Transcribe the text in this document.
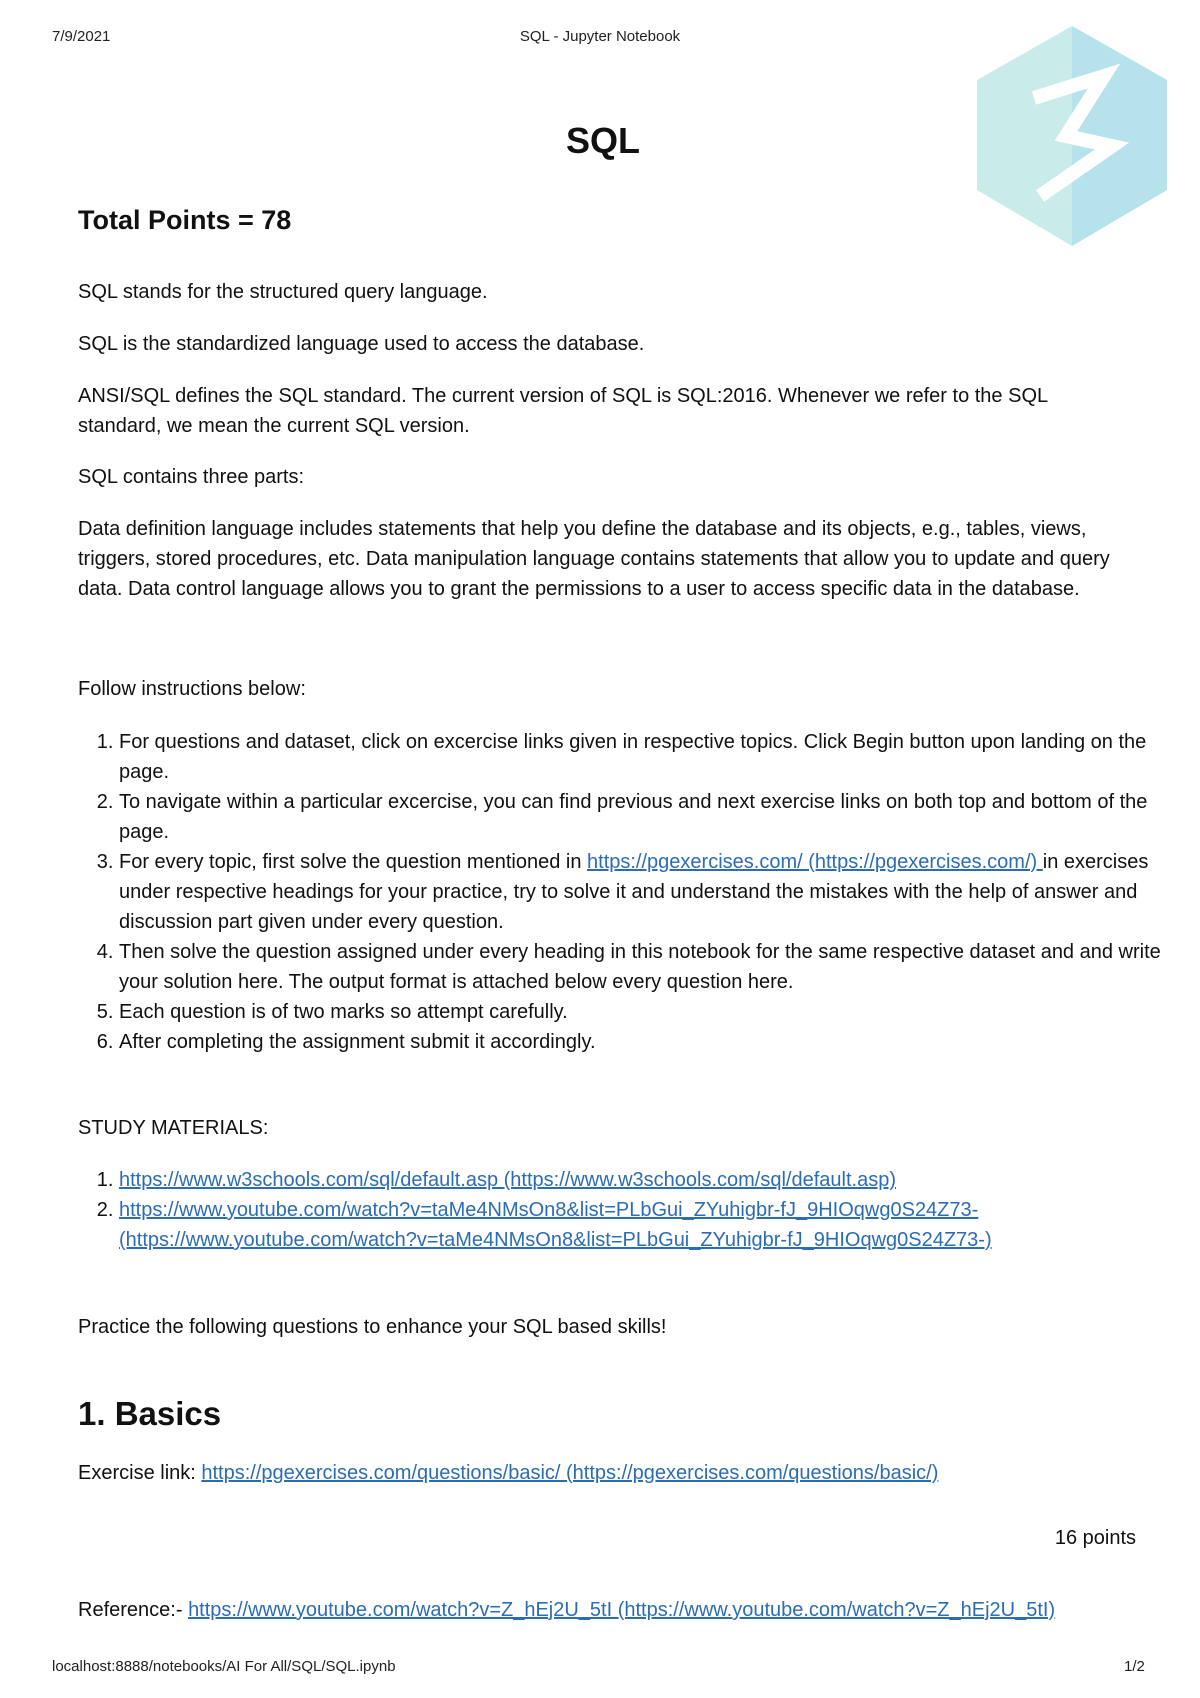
7/9/2021	SQL - Jupyter Notebook
SQL
Total Points = 78

SQL stands for the structured query language.

SQL is the standardized language used to access the database.

ANSI/SQL defines the SQL standard. The current version of SQL is SQL:2016. Whenever we refer to the SQL standard, we mean the current SQL version.

SQL contains three parts:

Data definition language includes statements that help you define the database and its objects, e.g., tables, views, triggers, stored procedures, etc. Data manipulation language contains statements that allow you to update and query data. Data control language allows you to grant the permissions to a user to access specific data in the database.

Follow instructions below:

1. For questions and dataset, click on excercise links given in respective topics. Click Begin button upon landing on the page.
2. To navigate within a particular excercise, you can find previous and next exercise links on both top and bottom of the page.
3. For every topic, first solve the question mentioned in https://pgexercises.com/ (https://pgexercises.com/) in exercises under respective headings for your practice, try to solve it and understand the mistakes with the help of answer and discussion part given under every question.
4. Then solve the question assigned under every heading in this notebook for the same respective dataset and and write your solution here. The output format is attached below every question here.
5. Each question is of two marks so attempt carefully.
6. After completing the assignment submit it accordingly.

STUDY MATERIALS:

1. https://www.w3schools.com/sql/default.asp (https://www.w3schools.com/sql/default.asp)
2. https://www.youtube.com/watch?v=taMe4NMsOn8&list=PLbGui_ZYuhigbr-fJ_9HIOqwg0S24Z73- (https://www.youtube.com/watch?v=taMe4NMsOn8&list=PLbGui_ZYuhigbr-fJ_9HIOqwg0S24Z73-)

Practice the following questions to enhance your SQL based skills!

1. Basics

Exercise link: https://pgexercises.com/questions/basic/ (https://pgexercises.com/questions/basic/)

16 points

Reference:- https://www.youtube.com/watch?v=Z_hEj2U_5tI (https://www.youtube.com/watch?v=Z_hEj2U_5tI)

localhost:8888/notebooks/AI For All/SQL/SQL.ipynb	1/2
